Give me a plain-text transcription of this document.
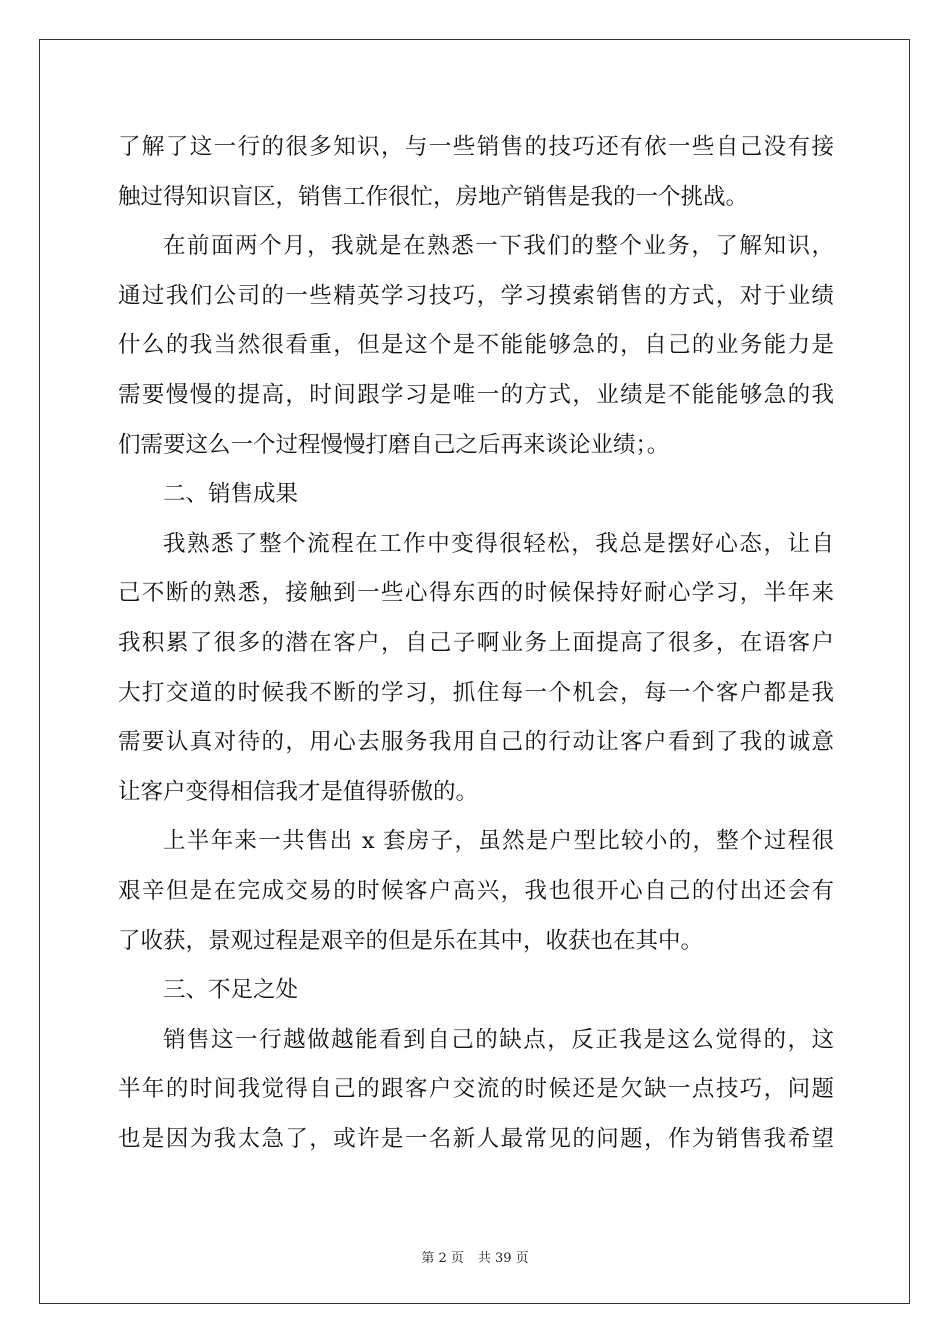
了解了这一行的很多知识，与一些销售的技巧还有依一些自己没有接
触过得知识盲区，销售工作很忙，房地产销售是我的一个挑战。
在前面两个月，我就是在熟悉一下我们的整个业务，了解知识，
通过我们公司的一些精英学习技巧，学习摸索销售的方式，对于业绩
什么的我当然很看重，但是这个是不能能够急的，自己的业务能力是
需要慢慢的提高，时间跟学习是唯一的方式，业绩是不能能够急的我
们需要这么一个过程慢慢打磨自己之后再来谈论业绩；。
二、销售成果
我熟悉了整个流程在工作中变得很轻松，我总是摆好心态，让自
己不断的熟悉，接触到一些心得东西的时候保持好耐心学习，半年来
我积累了很多的潜在客户，自己子啊业务上面提高了很多，在语客户
大打交道的时候我不断的学习，抓住每一个机会，每一个客户都是我
需要认真对待的，用心去服务我用自己的行动让客户看到了我的诚意
让客户变得相信我才是值得骄傲的。
上半年来一共售出 x 套房子，虽然是户型比较小的，整个过程很
艰辛但是在完成交易的时候客户高兴，我也很开心自己的付出还会有
了收获，景观过程是艰辛的但是乐在其中，收获也在其中。
三、不足之处
销售这一行越做越能看到自己的缺点，反正我是这么觉得的，这
半年的时间我觉得自己的跟客户交流的时候还是欠缺一点技巧，问题
也是因为我太急了，或许是一名新人最常见的问题，作为销售我希望
第 2 页 共 39 页
